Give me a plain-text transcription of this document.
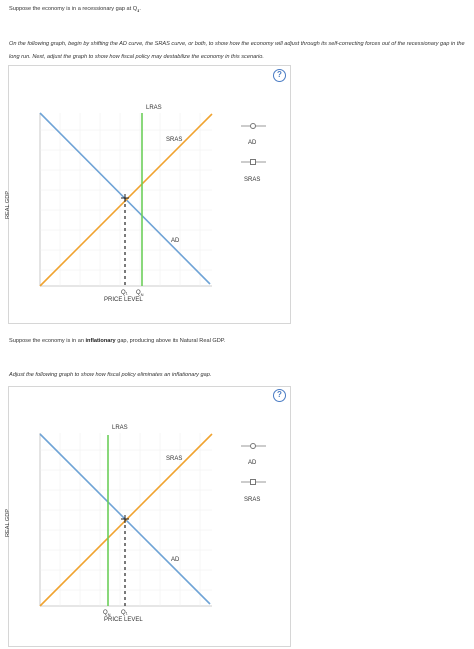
Suppose the economy is in a recessionary gap at $Q_1$.
On the following graph, begin by shifting the AD curve, the SRAS curve, or both, to show how the economy will adjust through its self-correcting forces out of the recessionary gap in the long run. Next, adjust the graph to show how fiscal policy may destabilize the economy in this scenario.
?
REAL GDP
LRAS
SRAS
AD
Q₁ $Q_N$
PRICE LEVEL
AD
SRAS
Suppose the economy is in an inflationary gap, producing above its Natural Real GDP.
Adjust the following graph to show how fiscal policy eliminates an inflationary gap.
?
REAL GDP
LRAS
SRAS
AD
$Q_N$ Q₁
PRICE LEVEL
AD
SRAS
